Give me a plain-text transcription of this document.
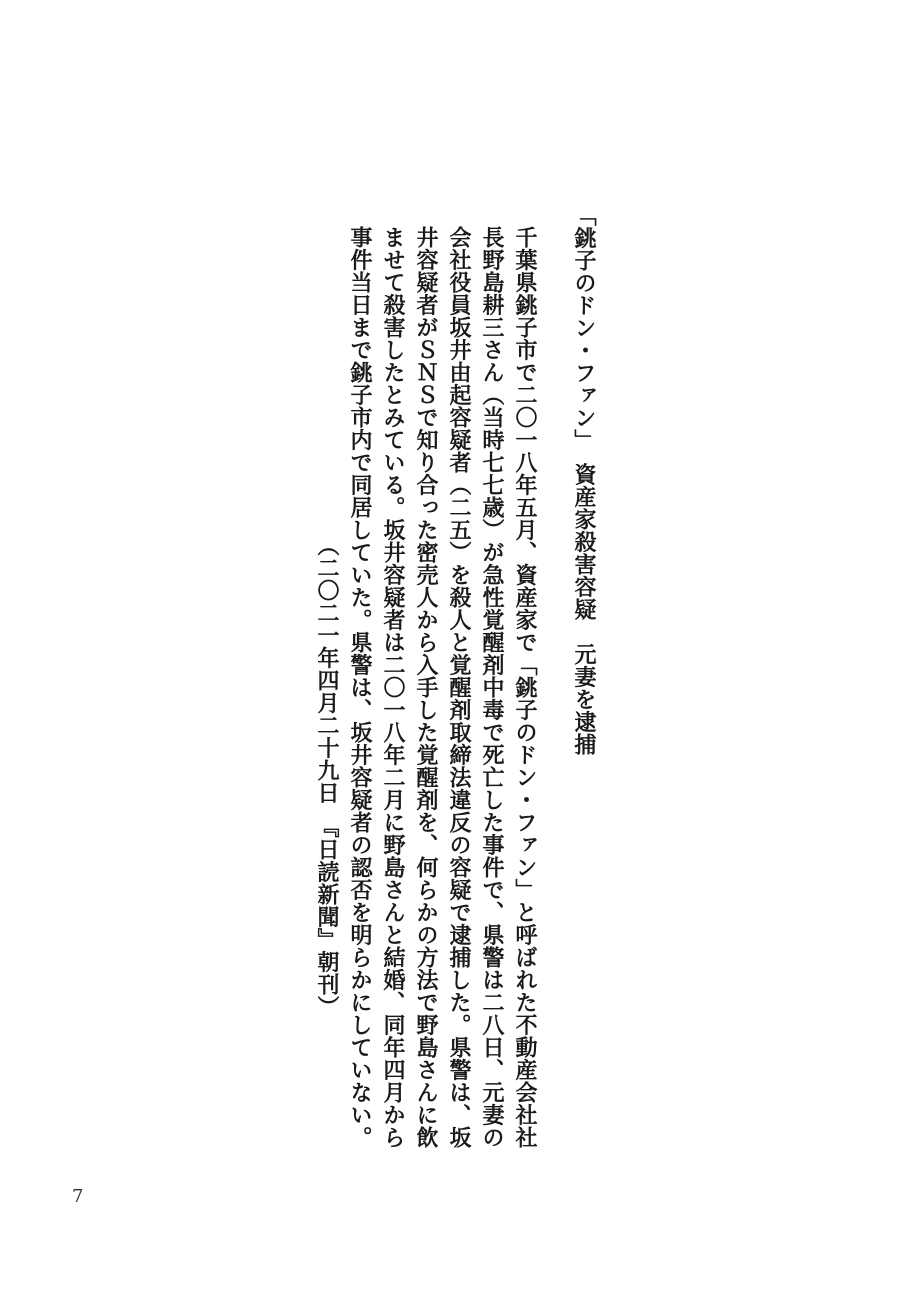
「銚子のドン・ファン」　資産家殺害容疑　元妻を逮捕

千葉県銚子市で二〇一八年五月、資産家で「銚子のドン・ファン」と呼ばれた不動産会社社長野島耕三さん（当時七七歳）が急性覚醒剤中毒で死亡した事件で、県警は二八日、元妻の会社役員坂井由起容疑者（二五）を殺人と覚醒剤取締法違反の容疑で逮捕した。県警は、坂井容疑者がＳＮＳで知り合った密売人から入手した覚醒剤を、何らかの方法で野島さんに飲ませて殺害したとみている。坂井容疑者は二〇一八年二月に野島さんと結婚、同年四月から事件当日まで銚子市内で同居していた。県警は、坂井容疑者の認否を明らかにしていない。

（二〇二一年四月二十九日　『日読新聞』朝刊）

7
